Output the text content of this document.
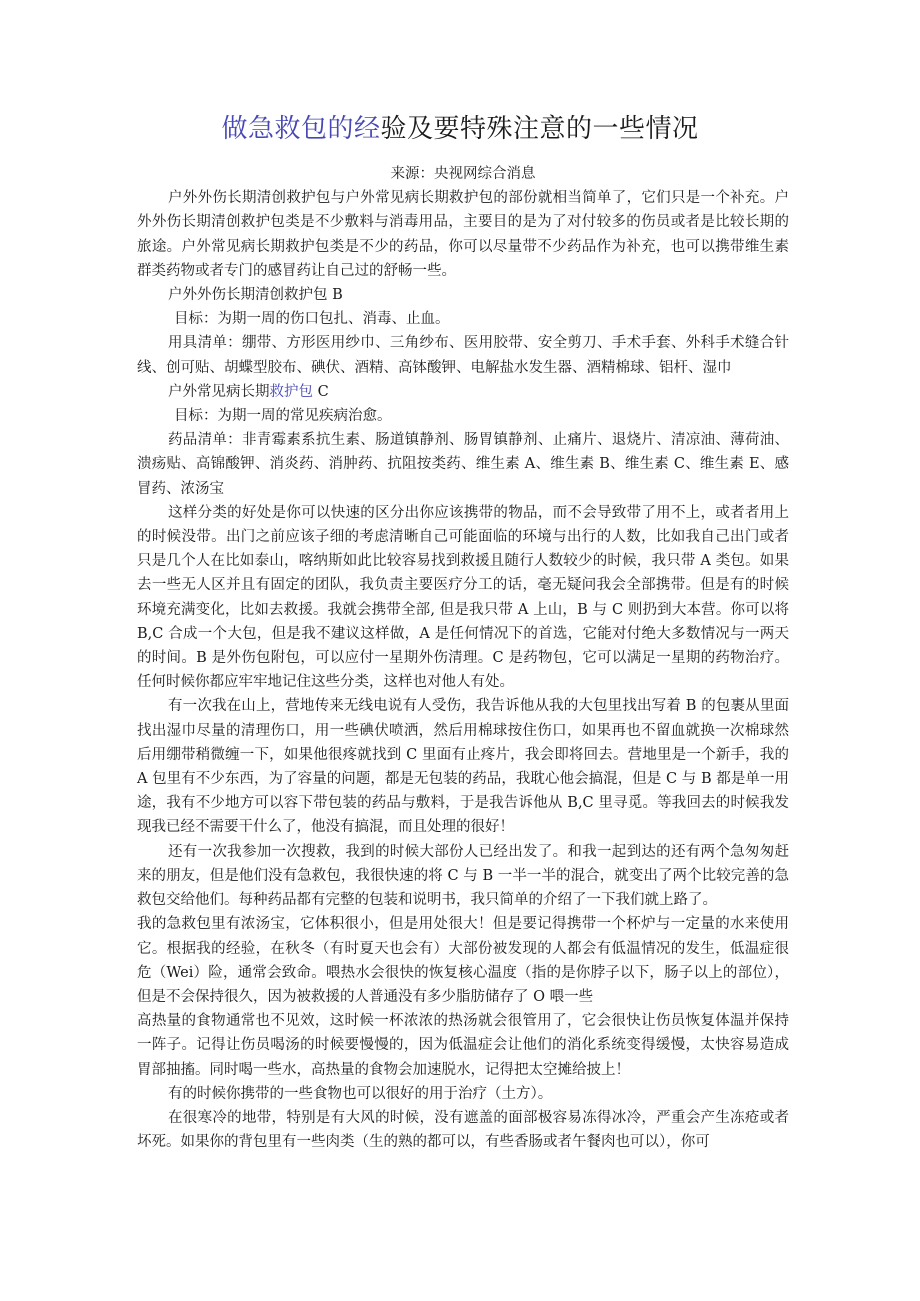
做急救包的经验及要特殊注意的一些情况

来源：央视网综合消息

户外外伤长期清创救护包与户外常见病长期救护包的部份就相当简单了，它们只是一个补充。户外外伤长期清创救护包类是不少敷料与消毒用品，主要目的是为了对付较多的伤员或者是比较长期的旅途。户外常见病长期救护包类是不少的药品，你可以尽量带不少药品作为补充，也可以携带维生素群类药物或者专门的感冒药让自己过的舒畅一些。

户外外伤长期清创救护包 B

目标：为期一周的伤口包扎、消毒、止血。

用具清单：绷带、方形医用纱巾、三角纱布、医用胶带、安全剪刀、手术手套、外科手术缝合针线、创可贴、胡蝶型胶布、碘伏、酒精、高钵酸钾、电解盐水发生器、酒精棉球、铝杆、湿巾

户外常见病长期救护包 C

目标：为期一周的常见疾病治愈。

药品清单：非青霉素系抗生素、肠道镇静剂、肠胃镇静剂、止痛片、退烧片、清凉油、薄荷油、溃疡贴、高锦酸钾、消炎药、消肿药、抗阻按类药、维生素 A、维生素 B、维生素 C、维生素 E、感冒药、浓汤宝

这样分类的好处是你可以快速的区分出你应该携带的物品，而不会导致带了用不上，或者者用上的时候没带。出门之前应该子细的考虑清晰自己可能面临的环境与出行的人数，比如我自己出门或者只是几个人在比如泰山，喀纳斯如此比较容易找到救援且随行人数较少的时候，我只带 A 类包。如果去一些无人区并且有固定的团队，我负责主要医疗分工的话，毫无疑问我会全部携带。但是有的时候环境充满变化，比如去救援。我就会携带全部, 但是我只带 A 上山，B 与 C 则扔到大本营。你可以将 B,C 合成一个大包，但是我不建议这样做，A 是任何情况下的首选，它能对付绝大多数情况与一两天的时间。B 是外伤包附包，可以应付一星期外伤清理。C 是药物包，它可以满足一星期的药物治疗。任何时候你都应牢牢地记住这些分类，这样也对他人有处。

有一次我在山上，营地传来无线电说有人受伤，我告诉他从我的大包里找出写着 B 的包裹从里面找出湿巾尽量的清理伤口，用一些碘伏喷洒，然后用棉球按住伤口，如果再也不留血就换一次棉球然后用绷带稍微缠一下，如果他很疼就找到 C 里面有止疼片，我会即将回去。营地里是一个新手，我的 A 包里有不少东西，为了容量的问题，都是无包装的药品，我耽心他会搞混，但是 C 与 B 都是单一用途，我有不少地方可以容下带包装的药品与敷料，于是我告诉他从 B,C 里寻觅。等我回去的时候我发现我已经不需要干什么了，他没有搞混，而且处理的很好！

还有一次我参加一次搜救，我到的时候大部份人已经出发了。和我一起到达的还有两个急匆匆赶来的朋友，但是他们没有急救包，我很快速的将 C 与 B 一半一半的混合，就变出了两个比较完善的急救包交给他们。每种药品都有完整的包装和说明书，我只简单的介绍了一下我们就上路了。

我的急救包里有浓汤宝，它体积很小，但是用处很大！但是要记得携带一个杯炉与一定量的水来使用它。根据我的经验，在秋冬（有时夏天也会有）大部份被发现的人都会有低温情况的发生，低温症很危（Wei）险，通常会致命。喂热水会很快的恢复核心温度（指的是你脖子以下，肠子以上的部位），但是不会保持很久，因为被救援的人普通没有多少脂肪储存了 O 喂一些

高热量的食物通常也不见效，这时候一杯浓浓的热汤就会很管用了，它会很快让伤员恢复体温并保持一阵子。记得让伤员喝汤的时候要慢慢的，因为低温症会让他们的消化系统变得缓慢，太快容易造成胃部抽搐。同时喝一些水，高热量的食物会加速脱水，记得把太空摊给披上！

有的时候你携带的一些食物也可以很好的用于治疗（土方）。

在很寒冷的地带，特别是有大风的时候，没有遮盖的面部极容易冻得冰冷，严重会产生冻疮或者坏死。如果你的背包里有一些肉类（生的熟的都可以，有些香肠或者午餐肉也可以），你可
